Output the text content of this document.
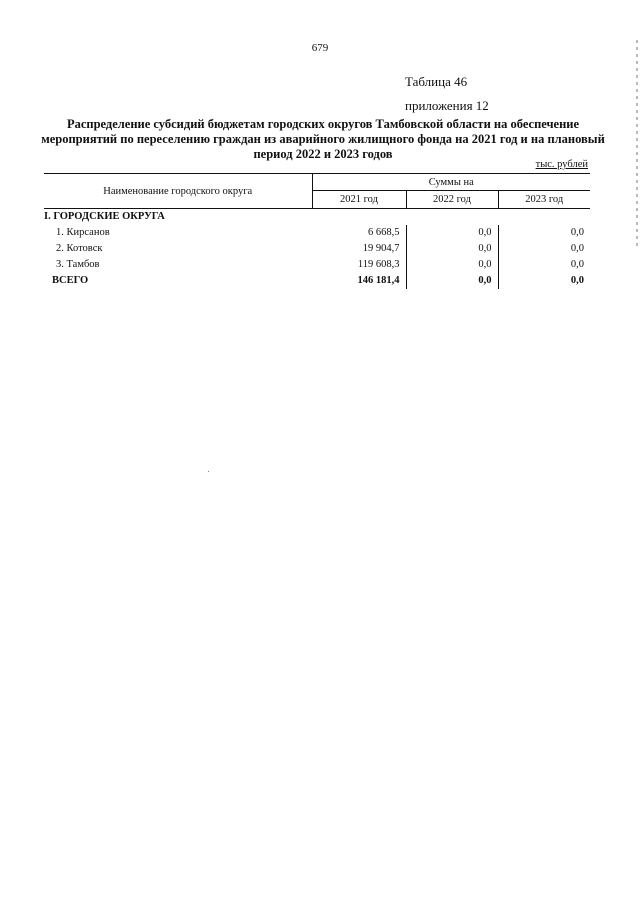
679
Таблица 46
приложения 12
Распределение субсидий бюджетам городских округов Тамбовской области на обеспечение мероприятий по переселению граждан из аварийного жилищного фонда на 2021 год и на плановый период 2022 и 2023 годов
тыс. рублей
Наименование городского округа	Суммы на		
	2021 год	2022 год	2023 год
I. ГОРОДСКИЕ ОКРУГА			
1. Кирсанов	6 668,5	0,0	0,0
2. Котовск	19 904,7	0,0	0,0
3. Тамбов	119 608,3	0,0	0,0
ВСЕГО	146 181,4	0,0	0,0
